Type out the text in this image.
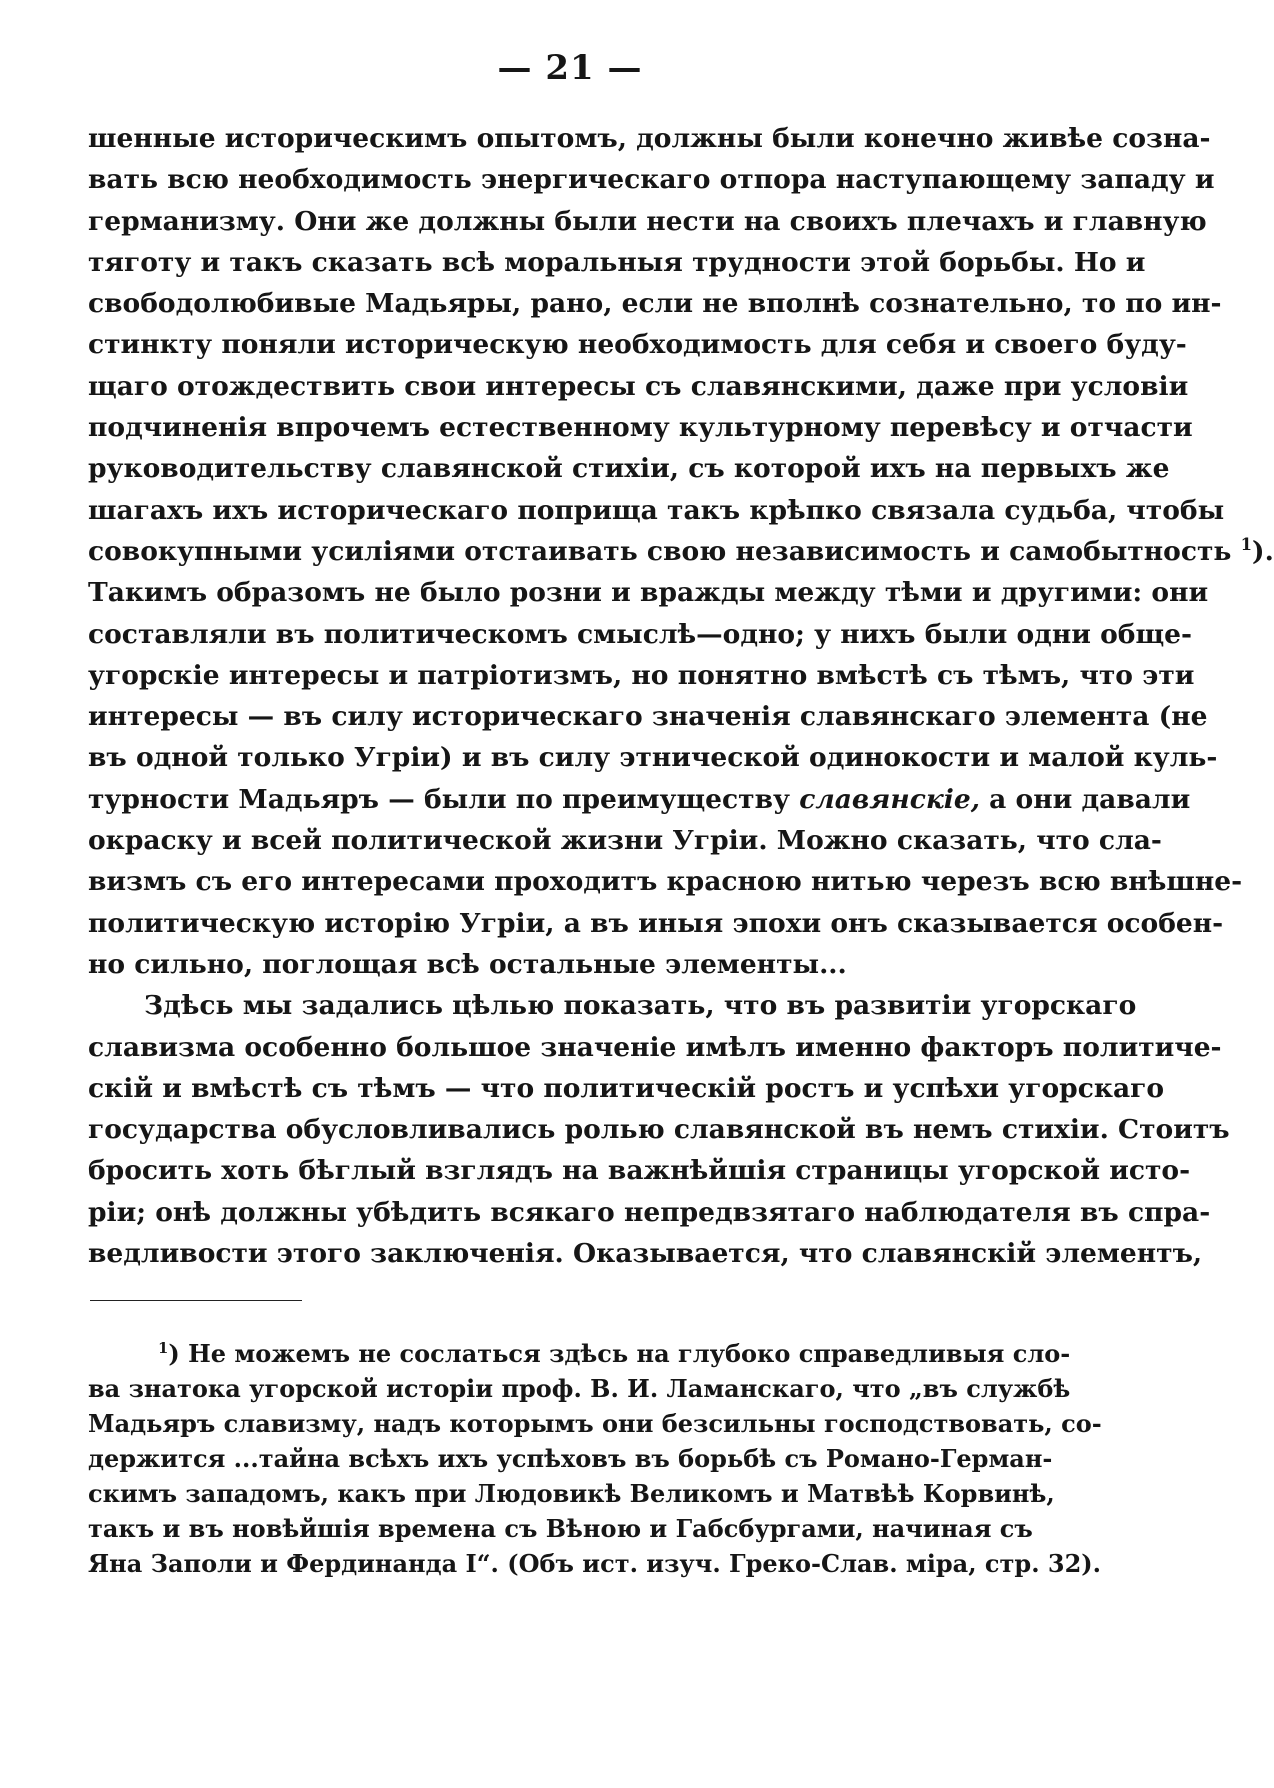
— 21 —
шенные историческимъ опытомъ, должны были конечно живѣе созна-
вать всю необходимость энергическаго отпора наступающему западу и
германизму. Они же должны были нести на своихъ плечахъ и главную
тяготу и такъ сказать всѣ моральныя трудности этой борьбы. Но и
свободолюбивые Мадьяры, рано, если не вполнѣ сознательно, то по ин-
стинкту поняли историческую необходимость для себя и своего буду-
щаго отождествить свои интересы съ славянскими, даже при условіи
подчиненія впрочемъ естественному культурному перевѣсу и отчасти
руководительству славянской стихіи, съ которой ихъ на первыхъ же
шагахъ ихъ историческаго поприща такъ крѣпко связала судьба, чтобы
совокупными усиліями отстаивать свою независимость и самобытность $^1$).
Такимъ образомъ не было розни и вражды между тѣми и другими: они
составляли въ политическомъ смыслѣ—одно; у нихъ были одни обще-
угорскіе интересы и патріотизмъ, но понятно вмѣстѣ съ тѣмъ, что эти
интересы — въ силу историческаго значенія славянскаго элемента (не
въ одной только Угріи) и въ силу этнической одинокости и малой куль-
турности Мадьяръ — были по преимуществу славянскіе, а они давали
окраску и всей политической жизни Угріи. Можно сказать, что сла-
визмъ съ его интересами проходитъ красною нитью черезъ всю внѣшне-
политическую исторію Угріи, а въ иныя эпохи онъ сказывается особен-
но сильно, поглощая всѣ остальные элементы...
Здѣсь мы задались цѣлью показать, что въ развитіи угорскаго
славизма особенно большое значеніе имѣлъ именно факторъ политиче-
скій и вмѣстѣ съ тѣмъ — что политическій ростъ и успѣхи угорскаго
государства обусловливались ролью славянской въ немъ стихіи. Стоитъ
бросить хоть бѣглый взглядъ на важнѣйшія страницы угорской исто-
ріи; онѣ должны убѣдить всякаго непредвзятаго наблюдателя въ спра-
ведливости этого заключенія. Оказывается, что славянскій элементъ,
$^1$) Не можемъ не сослаться здѣсь на глубоко справедливыя сло-
ва знатока угорской исторіи проф. В. И. Ламанскаго, что „въ службѣ
Мадьяръ славизму, надъ которымъ они безсильны господствовать, со-
держится ...тайна всѣхъ ихъ успѣховъ въ борьбѣ съ Романо-Герман-
скимъ западомъ, какъ при Людовикѣ Великомъ и Матвѣѣ Корвинѣ,
такъ и въ новѣйшія времена съ Вѣною и Габсбургами, начиная съ
Яна Заполи и Фердинанда I“. (Объ ист. изуч. Греко-Слав. міра, стр. 32).
